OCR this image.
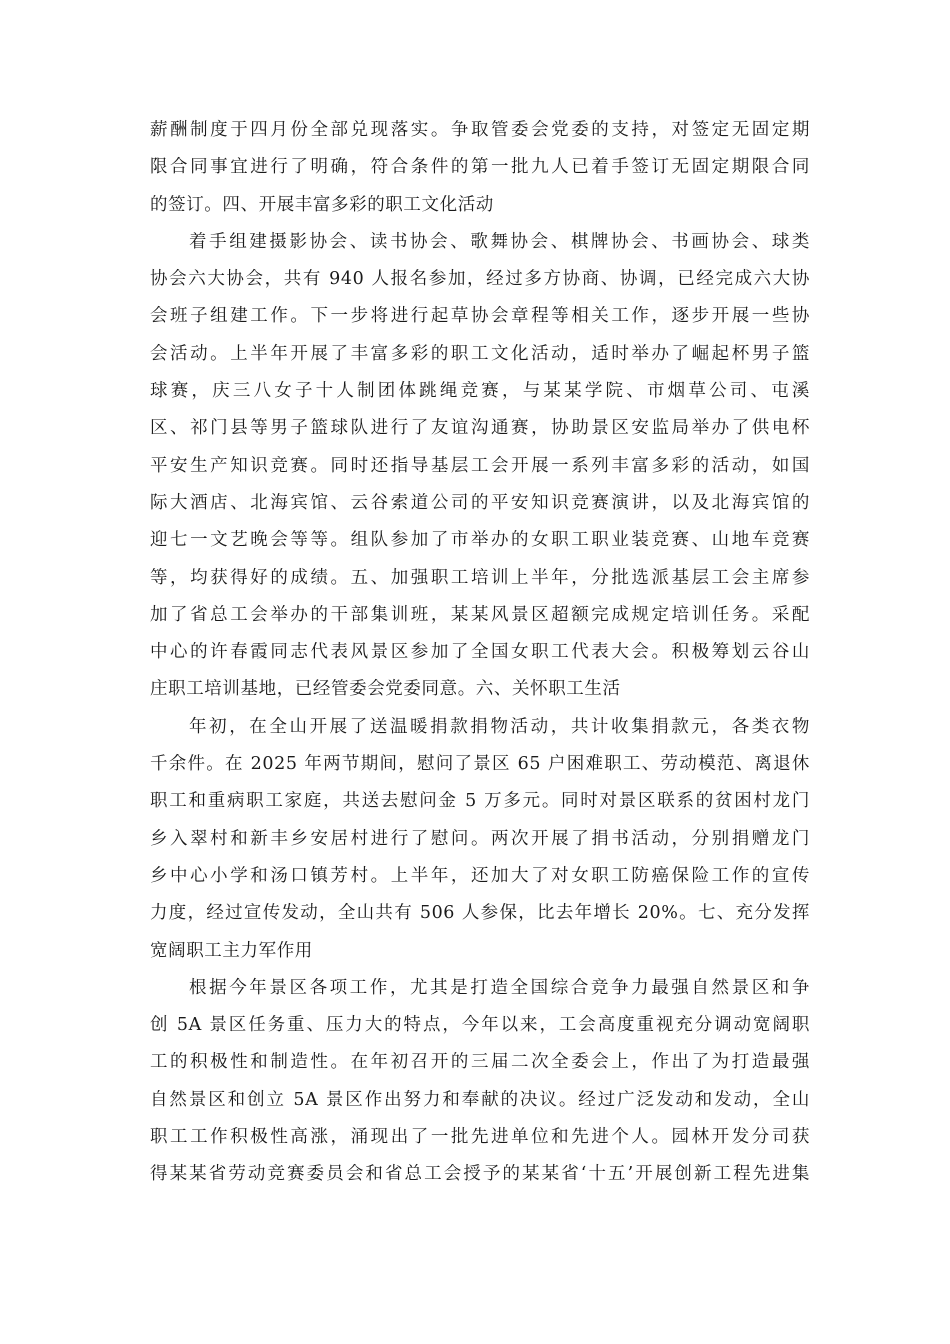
薪酬制度于四月份全部兑现落实。争取管委会党委的支持，对签定无固定期
限合同事宜进行了明确，符合条件的第一批九人已着手签订无固定期限合同
的签订。四、开展丰富多彩的职工文化活动
着手组建摄影协会、读书协会、歌舞协会、棋牌协会、书画协会、球类
协会六大协会，共有 940 人报名参加，经过多方协商、协调，已经完成六大协
会班子组建工作。下一步将进行起草协会章程等相关工作，逐步开展一些协
会活动。上半年开展了丰富多彩的职工文化活动，适时举办了崛起杯男子篮
球赛，庆三八女子十人制团体跳绳竞赛，与某某学院、市烟草公司、屯溪
区、祁门县等男子篮球队进行了友谊沟通赛，协助景区安监局举办了供电杯
平安生产知识竞赛。同时还指导基层工会开展一系列丰富多彩的活动，如国
际大酒店、北海宾馆、云谷索道公司的平安知识竞赛演讲，以及北海宾馆的
迎七一文艺晚会等等。组队参加了市举办的女职工职业装竞赛、山地车竞赛
等，均获得好的成绩。五、加强职工培训上半年，分批选派基层工会主席参
加了省总工会举办的干部集训班，某某风景区超额完成规定培训任务。采配
中心的许春霞同志代表风景区参加了全国女职工代表大会。积极筹划云谷山
庄职工培训基地，已经管委会党委同意。六、关怀职工生活
年初，在全山开展了送温暖捐款捐物活动，共计收集捐款元，各类衣物
千余件。在 2025 年两节期间，慰问了景区 65 户困难职工、劳动模范、离退休
职工和重病职工家庭，共送去慰问金 5 万多元。同时对景区联系的贫困村龙门
乡入翠村和新丰乡安居村进行了慰问。两次开展了捐书活动，分别捐赠龙门
乡中心小学和汤口镇芳村。上半年，还加大了对女职工防癌保险工作的宣传
力度，经过宣传发动，全山共有 506 人参保，比去年增长 20%。七、充分发挥
宽阔职工主力军作用
根据今年景区各项工作，尤其是打造全国综合竞争力最强自然景区和争
创 5A 景区任务重、压力大的特点，今年以来，工会高度重视充分调动宽阔职
工的积极性和制造性。在年初召开的三届二次全委会上，作出了为打造最强
自然景区和创立 5A 景区作出努力和奉献的决议。经过广泛发动和发动，全山
职工工作积极性高涨，涌现出了一批先进单位和先进个人。园林开发分司获
得某某省劳动竞赛委员会和省总工会授予的某某省‘十五’开展创新工程先进集
